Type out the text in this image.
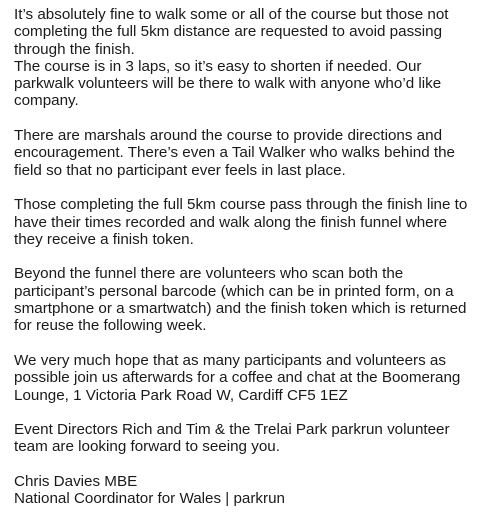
It’s absolutely fine to walk some or all of the course but those not
completing the full 5km distance are requested to avoid passing
through the finish.
The course is in 3 laps, so it’s easy to shorten if needed. Our
parkwalk volunteers will be there to walk with anyone who’d like
company.

There are marshals around the course to provide directions and
encouragement. There’s even a Tail Walker who walks behind the
field so that no participant ever feels in last place.

Those completing the full 5km course pass through the finish line to
have their times recorded and walk along the finish funnel where
they receive a finish token.

Beyond the funnel there are volunteers who scan both the
participant’s personal barcode (which can be in printed form, on a
smartphone or a smartwatch) and the finish token which is returned
for reuse the following week.

We very much hope that as many participants and volunteers as
possible join us afterwards for a coffee and chat at the Boomerang
Lounge, 1 Victoria Park Road W, Cardiff CF5 1EZ

Event Directors Rich and Tim & the Trelai Park parkrun volunteer
team are looking forward to seeing you.

Chris Davies MBE
National Coordinator for Wales | parkrun
